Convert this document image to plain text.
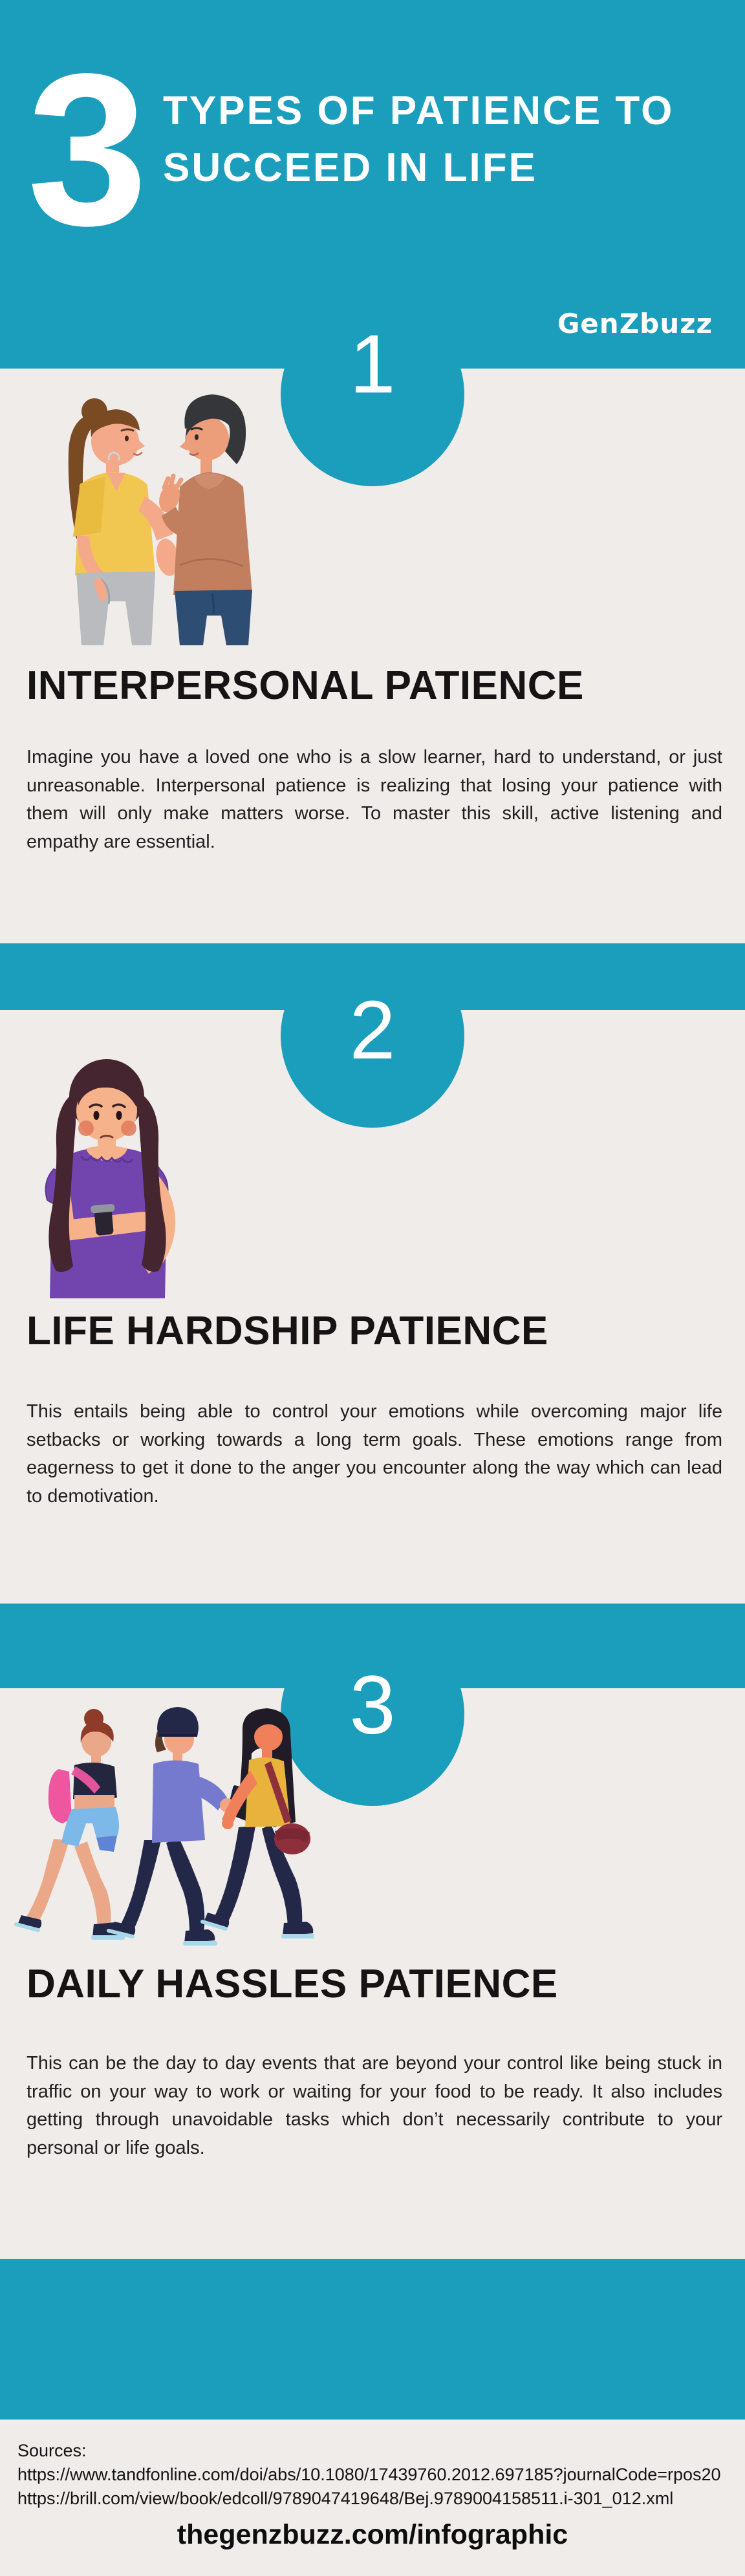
3 TYPES OF PATIENCE TO
SUCCEED IN LIFE
GenZbuzz
1
INTERPERSONAL PATIENCE
Imagine you have a loved one who is a slow learner, hard to understand, or just unreasonable. Interpersonal patience is realizing that losing your patience with them will only make matters worse. To master this skill, active listening and empathy are essential.
2
LIFE HARDSHIP PATIENCE
This entails being able to control your emotions while overcoming major life setbacks or working towards a long term goals. These emotions range from eagerness to get it done to the anger you encounter along the way which can lead to demotivation.
3
DAILY HASSLES PATIENCE
This can be the day to day events that are beyond your control like being stuck in traffic on your way to work or waiting for your food to be ready. It also includes getting through unavoidable tasks which don’t necessarily contribute to your personal or life goals.
Sources:
https://www.tandfonline.com/doi/abs/10.1080/17439760.2012.697185?journalCode=rpos20
https://brill.com/view/book/edcoll/9789047419648/Bej.9789004158511.i-301_012.xml
thegenzbuzz.com/infographic
